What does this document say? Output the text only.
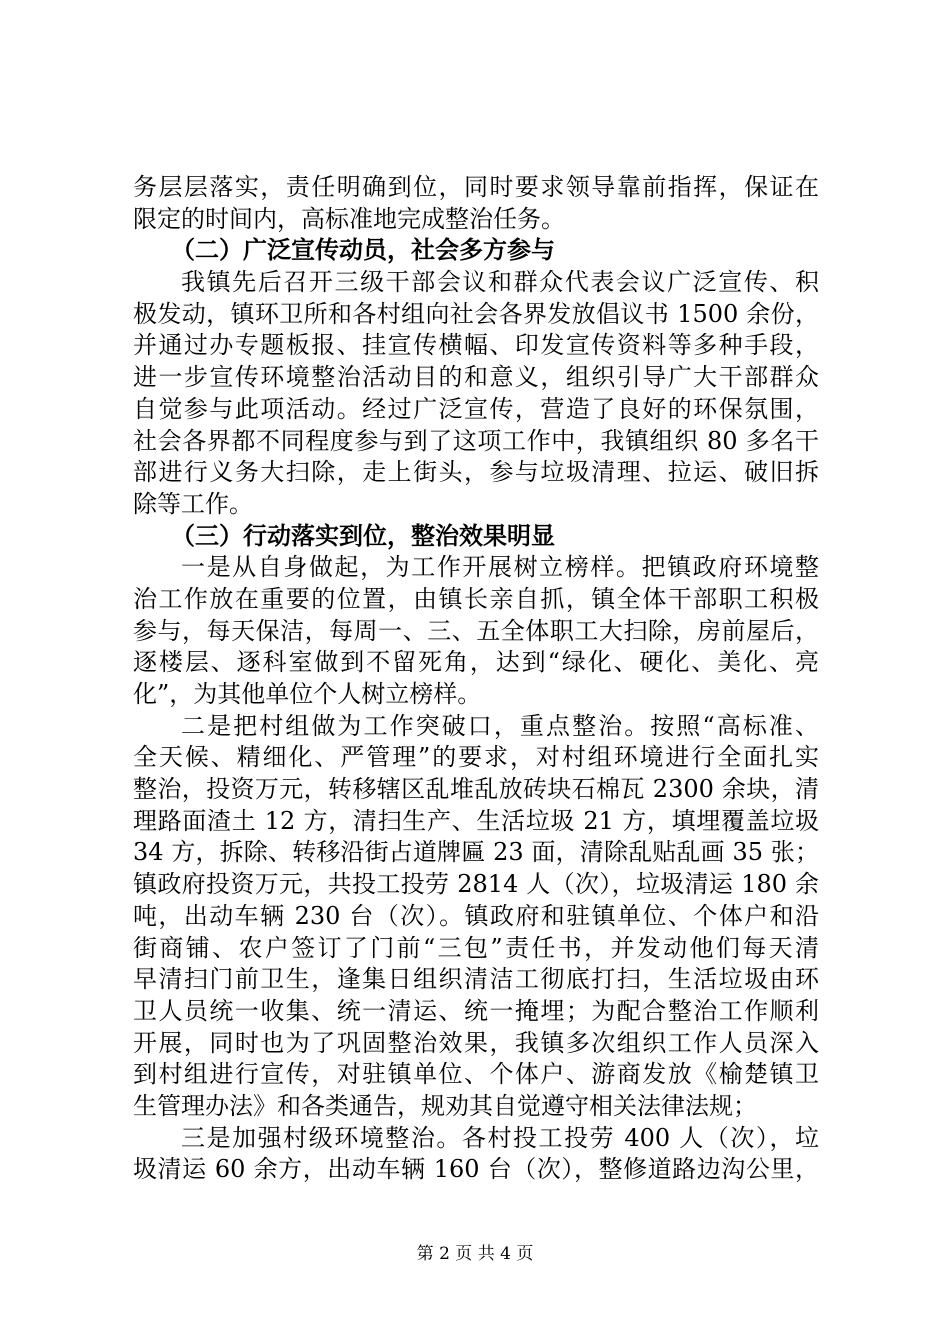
务层层落实，责任明确到位，同时要求领导靠前指挥，保证在
限定的时间内，高标准地完成整治任务。
（二）广泛宣传动员，社会多方参与
我镇先后召开三级干部会议和群众代表会议广泛宣传、积
极发动，镇环卫所和各村组向社会各界发放倡议书 1500 余份，
并通过办专题板报、挂宣传横幅、印发宣传资料等多种手段，
进一步宣传环境整治活动目的和意义，组织引导广大干部群众
自觉参与此项活动。经过广泛宣传，营造了良好的环保氛围，
社会各界都不同程度参与到了这项工作中，我镇组织 80 多名干
部进行义务大扫除，走上街头，参与垃圾清理、拉运、破旧拆
除等工作。
（三）行动落实到位，整治效果明显
一是从自身做起，为工作开展树立榜样。把镇政府环境整
治工作放在重要的位置，由镇长亲自抓，镇全体干部职工积极
参与，每天保洁，每周一、三、五全体职工大扫除，房前屋后，
逐楼层、逐科室做到不留死角，达到“绿化、硬化、美化、亮
化”，为其他单位个人树立榜样。
二是把村组做为工作突破口，重点整治。按照“高标准、
全天候、精细化、严管理”的要求，对村组环境进行全面扎实
整治，投资万元，转移辖区乱堆乱放砖块石棉瓦 2300 余块，清
理路面渣土 12 方，清扫生产、生活垃圾 21 方，填埋覆盖垃圾
34 方，拆除、转移沿街占道牌匾 23 面，清除乱贴乱画 35 张；
镇政府投资万元，共投工投劳 2814 人（次），垃圾清运 180 余
吨，出动车辆 230 台（次）。镇政府和驻镇单位、个体户和沿
街商铺、农户签订了门前“三包”责任书，并发动他们每天清
早清扫门前卫生，逢集日组织清洁工彻底打扫，生活垃圾由环
卫人员统一收集、统一清运、统一掩埋；为配合整治工作顺利
开展，同时也为了巩固整治效果，我镇多次组织工作人员深入
到村组进行宣传，对驻镇单位、个体户、游商发放《榆楚镇卫
生管理办法》和各类通告，规劝其自觉遵守相关法律法规；
三是加强村级环境整治。各村投工投劳 400 人（次），垃
圾清运 60 余方，出动车辆 160 台（次），整修道路边沟公里，
第 2 页 共 4 页
